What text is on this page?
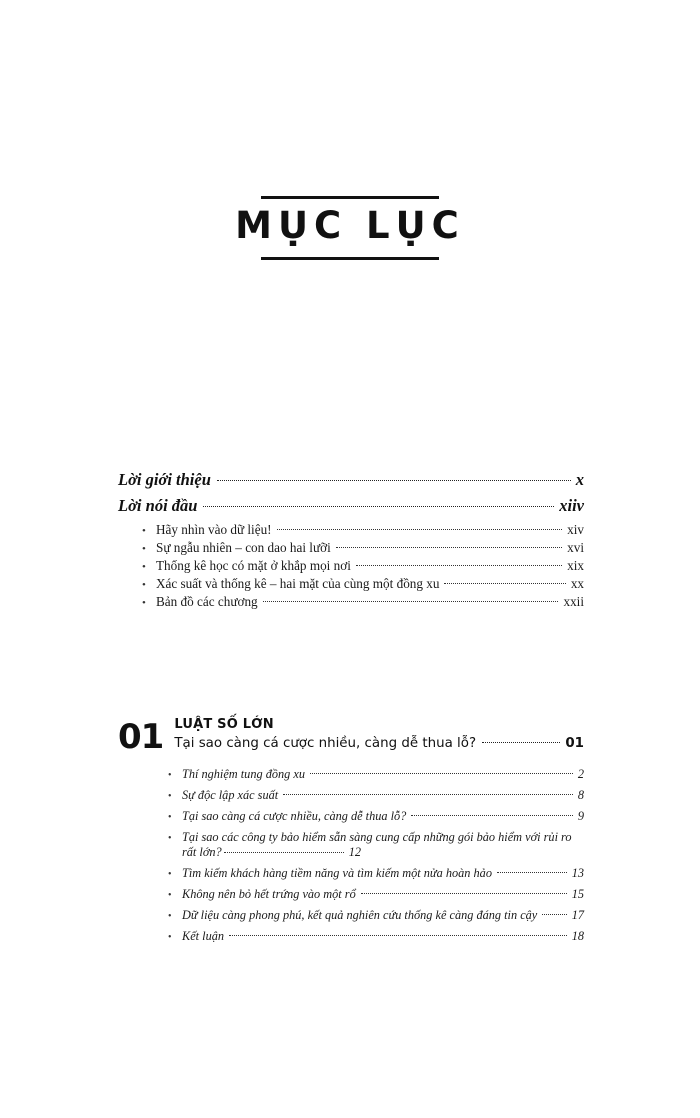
MỤC LỤC
Lời giới thiệu	x
Lời nói đầu	xiiv
• Hãy nhìn vào dữ liệu!	xiv
• Sự ngẫu nhiên – con dao hai lưỡi	xvi
• Thống kê học có mặt ở khắp mọi nơi	xix
• Xác suất và thống kê – hai mặt của cùng một đồng xu	xx
• Bản đồ các chương	xxii
01 LUẬT SỐ LỚN
Tại sao càng cá cược nhiều, càng dễ thua lỗ?	01
• Thí nghiệm tung đồng xu	2
• Sự độc lập xác suất	8
• Tại sao càng cá cược nhiều, càng dễ thua lỗ?	9
• Tại sao các công ty bảo hiểm sẵn sàng cung cấp những gói bảo hiểm với rủi ro
rất lớn?	12
• Tìm kiếm khách hàng tiềm năng và tìm kiếm một nửa hoàn hảo	13
• Không nên bỏ hết trứng vào một rổ	15
• Dữ liệu càng phong phú, kết quả nghiên cứu thống kê càng đáng tin cậy	17
• Kết luận	18
